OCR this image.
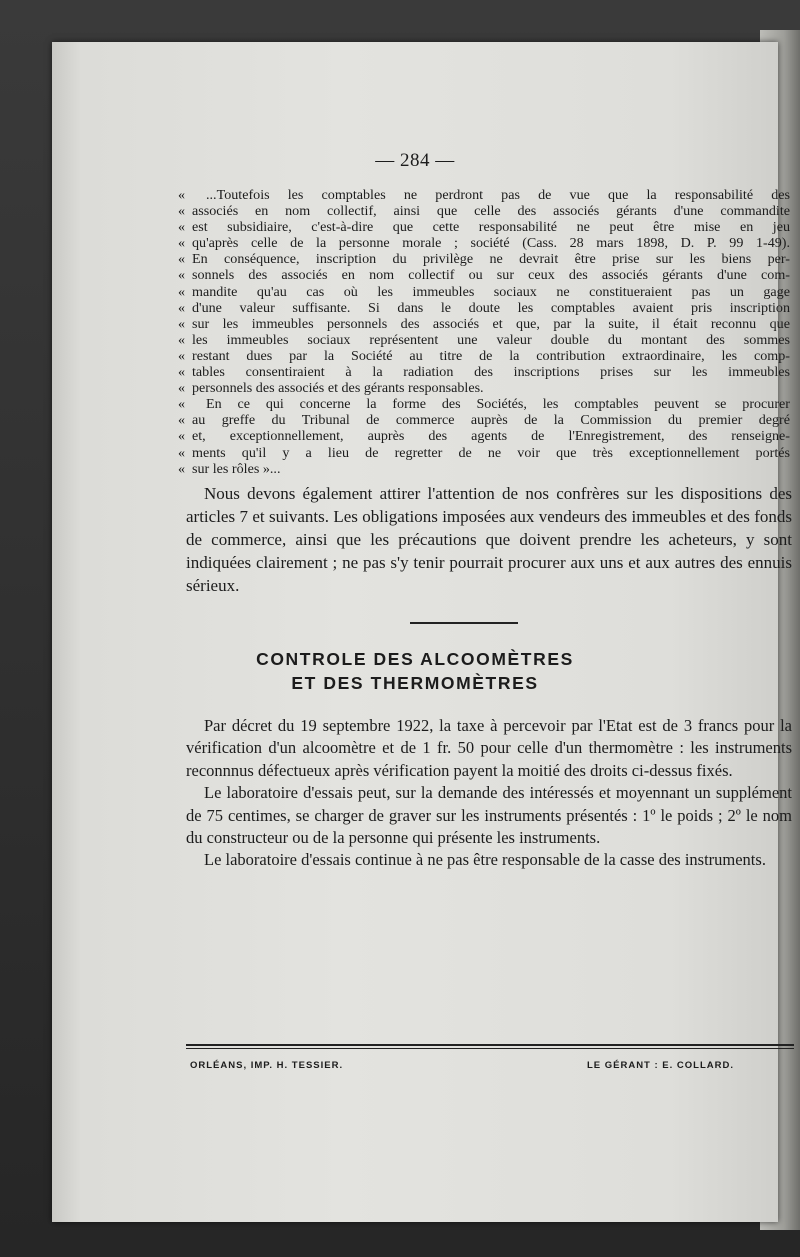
— 284 —
« ...Toutefois les comptables ne perdront pas de vue que la responsabilité des
« associés en nom collectif, ainsi que celle des associés gérants d'une commandite
« est subsidiaire, c'est-à-dire que cette responsabilité ne peut être mise en jeu
« qu'après celle de la personne morale ; société (Cass. 28 mars 1898, D. P. 99 1-49).
« En conséquence, inscription du privilège ne devrait être prise sur les biens per-
« sonnels des associés en nom collectif ou sur ceux des associés gérants d'une com-
« mandite qu'au cas où les immeubles sociaux ne constitueraient pas un gage
« d'une valeur suffisante. Si dans le doute les comptables avaient pris inscription
« sur les immeubles personnels des associés et que, par la suite, il était reconnu que
« les immeubles sociaux représentent une valeur double du montant des sommes
« restant dues par la Société au titre de la contribution extraordinaire, les comp-
« tables consentiraient à la radiation des inscriptions prises sur les immeubles
« personnels des associés et des gérants responsables.
« En ce qui concerne la forme des Sociétés, les comptables peuvent se procurer
« au greffe du Tribunal de commerce auprès de la Commission du premier degré
« et, exceptionnellement, auprès des agents de l'Enregistrement, des renseigne-
« ments qu'il y a lieu de regretter de ne voir que très exceptionnellement portés
« sur les rôles »...
Nous devons également attirer l'attention de nos confrères sur les dispositions des articles 7 et suivants. Les obligations imposées aux vendeurs des immeubles et des fonds de commerce, ainsi que les précautions que doivent prendre les acheteurs, y sont indiquées clairement ; ne pas s'y tenir pourrait procurer aux uns et aux autres des ennuis sérieux.
CONTROLE DES ALCOOMÈTRES
ET DES THERMOMÈTRES

Par décret du 19 septembre 1922, la taxe à percevoir par l'Etat est de 3 francs pour la vérification d'un alcoomètre et de 1 fr. 50 pour celle d'un thermomètre : les instruments reconnnus défectueux après vérification payent la moitié des droits ci-dessus fixés.

Le laboratoire d'essais peut, sur la demande des intéressés et moyennant un supplément de 75 centimes, se charger de graver sur les instruments présentés : 1º le poids ; 2º le nom du constructeur ou de la personne qui présente les instruments.

Le laboratoire d'essais continue à ne pas être responsable de la casse des instruments.

ORLÉANS, IMP. H. TESSIER.	LE GÉRANT : E. COLLARD.
